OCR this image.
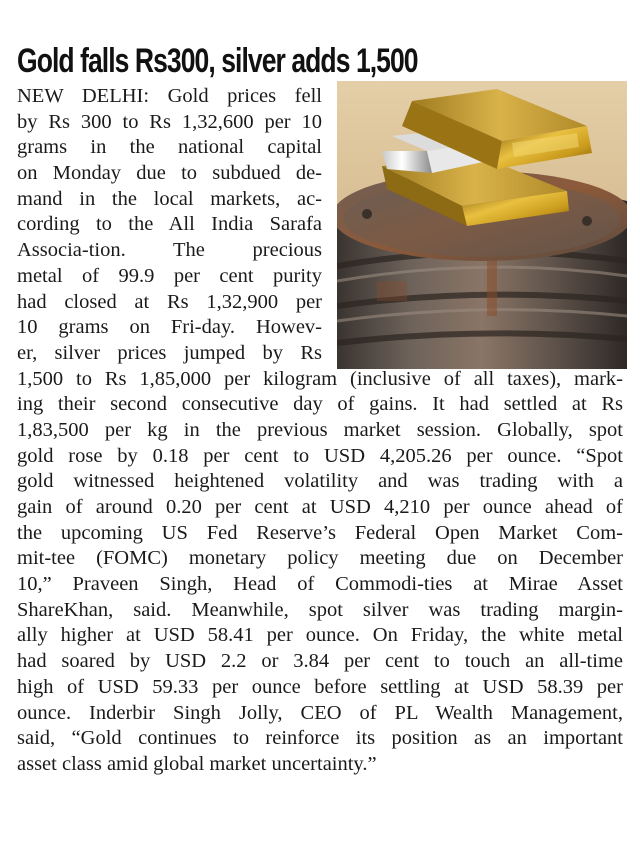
Gold falls Rs300, silver adds 1,500
NEW DELHI: Gold prices fell
by Rs 300 to Rs 1,32,600 per 10
grams in the national capital
on Monday due to subdued de-
mand in the local markets, ac-
cording to the All India Sarafa
Associa-tion. The precious
metal of 99.9 per cent purity
had closed at Rs 1,32,900 per
10 grams on Fri-day. Howev-
er, silver prices jumped by Rs
1,500 to Rs 1,85,000 per kilogram (inclusive of all taxes), mark-
ing their second consecutive day of gains. It had settled at Rs
1,83,500 per kg in the previous market session. Globally, spot
gold rose by 0.18 per cent to USD 4,205.26 per ounce. “Spot
gold witnessed heightened volatility and was trading with a
gain of around 0.20 per cent at USD 4,210 per ounce ahead of
the upcoming US Fed Reserve’s Federal Open Market Com-
mit-tee (FOMC) monetary policy meeting due on December
10,” Praveen Singh, Head of Commodi-ties at Mirae Asset
ShareKhan, said. Meanwhile, spot silver was trading margin-
ally higher at USD 58.41 per ounce. On Friday, the white metal
had soared by USD 2.2 or 3.84 per cent to touch an all-time
high of USD 59.33 per ounce before settling at USD 58.39 per
ounce. Inderbir Singh Jolly, CEO of PL Wealth Management,
said, “Gold continues to reinforce its position as an important
asset class amid global market uncertainty.”
